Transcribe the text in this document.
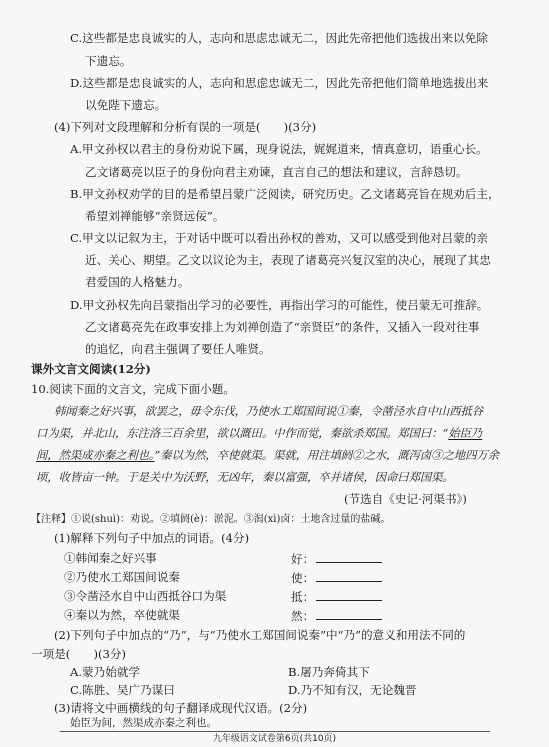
C.这些都是忠良诚实的人，志向和思虑忠诚无二，因此先帝把他们选拔出来以免除
下遗忘。
D.这些都是忠良诚实的人，志向和思虑忠诚无二，因此先帝把他们简单地选拔出来
以免陛下遗忘。
(4)下列对文段理解和分析有误的一项是(　　)(3分)
A.甲文孙权以君主的身份劝说下属，现身说法，娓娓道来，情真意切，语重心长。
乙文诸葛亮以臣子的身份向君主劝谏，直言自己的想法和建议，言辞恳切。
B.甲文孙权劝学的目的是希望吕蒙广泛阅读，研究历史。乙文诸葛亮旨在规劝后主，
希望刘禅能够“亲贤远佞”。
C.甲文以记叙为主，于对话中既可以看出孙权的善劝，又可以感受到他对吕蒙的亲
近、关心、期望。乙文以议论为主，表现了诸葛亮兴复汉室的决心，展现了其忠
君爱国的人格魅力。
D.甲文孙权先向吕蒙指出学习的必要性，再指出学习的可能性，使吕蒙无可推辞。
乙文诸葛亮先在政事安排上为刘禅创造了“亲贤臣”的条件，又插入一段对往事
的追忆，向君主强调了要任人唯贤。
课外文言文阅读(12分)
10.阅读下面的文言文，完成下面小题。
韩闻秦之好兴事，欲罢之，毋令东伐，乃使水工郑国间说①秦，令凿泾水自中山西抵谷
口为渠，并北山，东注洛三百余里，欲以溉田。中作而觉，秦欲杀郑国。郑国曰：“始臣乃
间，然渠成亦秦之利也。”秦以为然，卒使就渠。渠就，用注填阏②之水，溉泻卤③之地四万余
顷，收皆亩一钟。于是关中为沃野，无凶年，秦以富强，卒并诸侯，因命曰郑国渠。
(节选自《史记·河渠书》)
【注释】①说(shuì)：劝说。②填阏(è)：淤泥。③潟(xì)卤：土地含过量的盐碱。
(1)解释下列句子中加点的词语。(4分)
①韩闻秦之好兴事	好：
②乃使水工郑国间说秦	使：
③令凿泾水自中山西抵谷口为渠	抵：
④秦以为然，卒使就渠	然：
(2)下列句子中加点的“乃”，与“乃使水工郑国间说秦”中“乃”的意义和用法不同的
一项是(　　)(3分)
A.蒙乃始就学	B.屠乃奔倚其下
C.陈胜、吴广乃谋曰	D.乃不知有汉，无论魏晋
九年级语文试卷第6页(共10页)
(3)请将文中画横线的句子翻译成现代汉语。(2分)
始臣为间，然渠成亦秦之利也。
